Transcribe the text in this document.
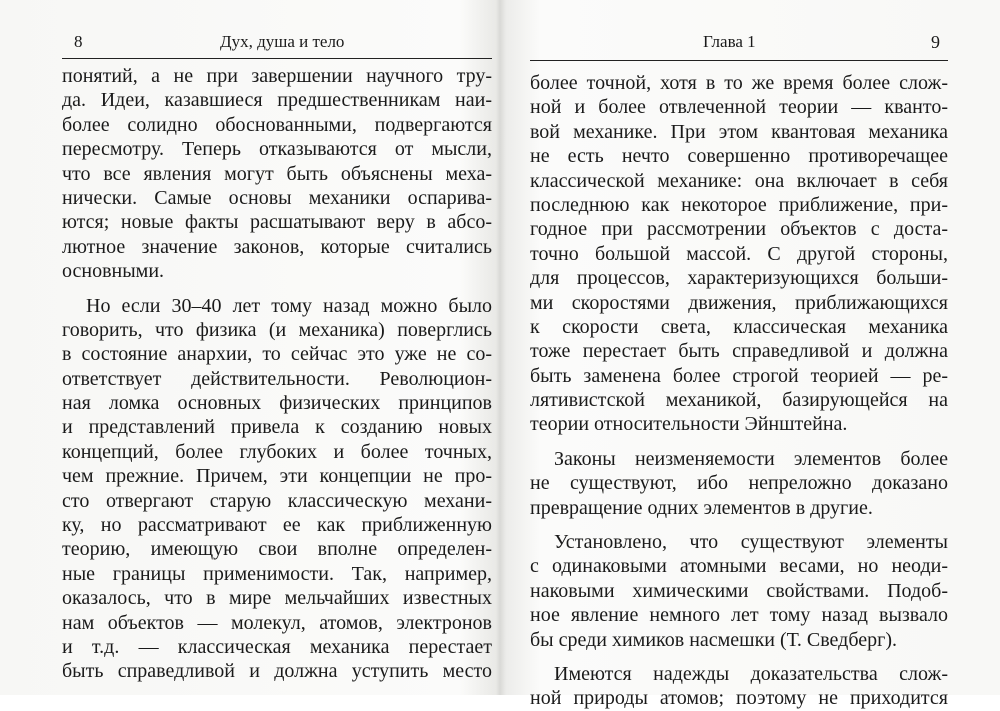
8	Дух, душа и тело
понятий, а не при завершении научного тру-
да. Идеи, казавшиеся предшественникам наи-
более солидно обоснованными, подвергаются
пересмотру. Теперь отказываются от мысли,
что все явления могут быть объяснены меха-
нически. Самые основы механики оспарива-
ются; новые факты расшатывают веру в абсо-
лютное значение законов, которые считались
основными.
Но если 30–40 лет тому назад можно было
говорить, что физика (и механика) поверглись
в состояние анархии, то сейчас это уже не со-
ответствует действительности. Революцион-
ная ломка основных физических принципов
и представлений привела к созданию новых
концепций, более глубоких и более точных,
чем прежние. Причем, эти концепции не про-
сто отвергают старую классическую механи-
ку, но рассматривают ее как приближенную
теорию, имеющую свои вполне определен-
ные границы применимости. Так, например,
оказалось, что в мире мельчайших известных
нам объектов — молекул, атомов, электронов
и т.д. — классическая механика перестает
быть справедливой и должна уступить место
Глава 1	9
более точной, хотя в то же время более слож-
ной и более отвлеченной теории — кванто-
вой механике. При этом квантовая механика
не есть нечто совершенно противоречащее
классической механике: она включает в себя
последнюю как некоторое приближение, при-
годное при рассмотрении объектов с доста-
точно большой массой. С другой стороны,
для процессов, характеризующихся больши-
ми скоростями движения, приближающихся
к скорости света, классическая механика
тоже перестает быть справедливой и должна
быть заменена более строгой теорией — ре-
лятивистской механикой, базирующейся на
теории относительности Эйнштейна.
Законы неизменяемости элементов более
не существуют, ибо непреложно доказано
превращение одних элементов в другие.
Установлено, что существуют элементы
с одинаковыми атомными весами, но неоди-
наковыми химическими свойствами. Подоб-
ное явление немного лет тому назад вызвало
бы среди химиков насмешки (Т. Сведберг).
Имеются надежды доказательства слож-
ной природы атомов; поэтому не приходится
